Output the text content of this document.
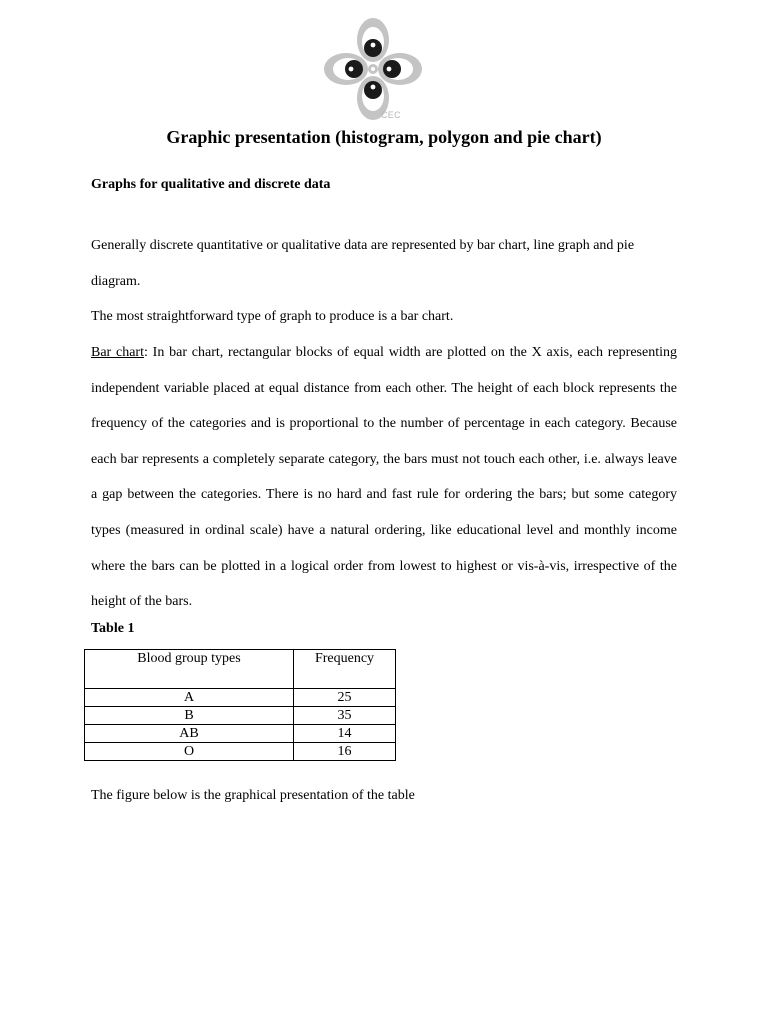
CEC
Graphic presentation (histogram, polygon and pie chart)
Graphs for qualitative and discrete data

Generally discrete quantitative or qualitative data are represented by bar chart, line graph and pie diagram.

The most straightforward type of graph to produce is a bar chart.

Bar chart: In bar chart, rectangular blocks of equal width are plotted on the X axis, each representing independent variable placed at equal distance from each other. The height of each block represents the frequency of the categories and is proportional to the number of percentage in each category. Because each bar represents a completely separate category, the bars must not touch each other, i.e. always leave a gap between the categories. There is no hard and fast rule for ordering the bars; but some category types (measured in ordinal scale) have a natural ordering, like educational level and monthly income where the bars can be plotted in a logical order from lowest to highest or vis-à-vis, irrespective of the height of the bars.

Table 1
Blood group types	Frequency
A	25
B	35
AB	14
O	16
The figure below is the graphical presentation of the table
